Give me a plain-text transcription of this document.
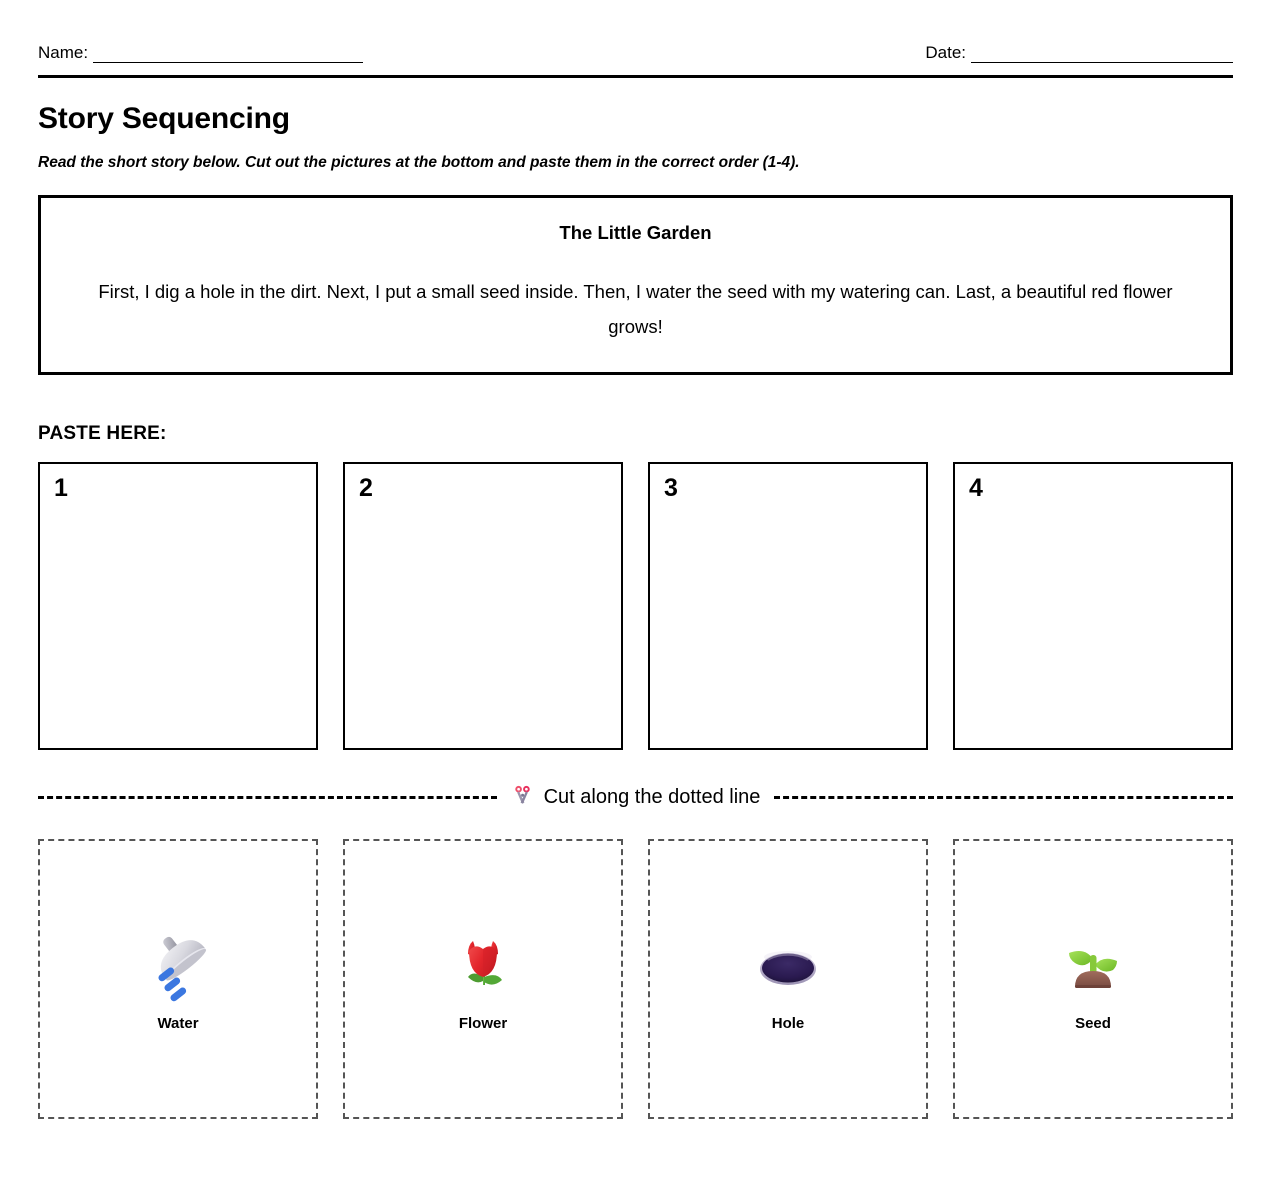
Name:	Date:
Story Sequencing
Read the short story below. Cut out the pictures at the bottom and paste them in the correct order (1-4).
The Little Garden
First, I dig a hole in the dirt. Next, I put a small seed inside. Then, I water the seed with my watering can. Last, a beautiful red flower grows!
PASTE HERE:
1	2	3	4
Cut along the dotted line
Water	Flower	Hole	Seed
